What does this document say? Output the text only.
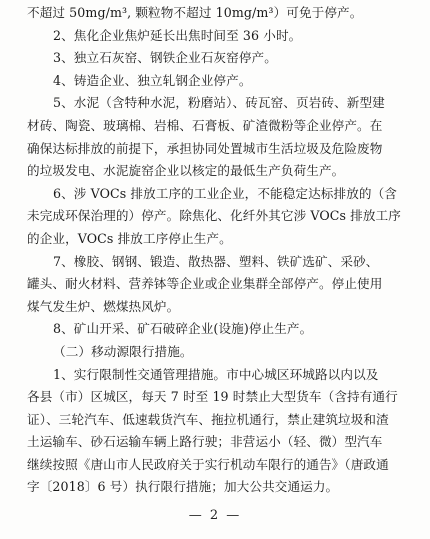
不超过 50mg/m³, 颗粒物不超过 10mg/m³）可免于停产。
2、焦化企业焦炉延长出焦时间至 36 小时。
3、独立石灰窑、钢铁企业石灰窑停产。
4、铸造企业、独立轧钢企业停产。
5、水泥（含特种水泥，粉磨站）、砖瓦窑、页岩砖、新型建
材砖、陶瓷、玻璃棉、岩棉、石膏板、矿渣微粉等企业停产。在
确保达标排放的前提下，承担协同处置城市生活垃圾及危险废物
的垃圾发电、水泥旋窑企业以核定的最低生产负荷生产。
6、涉 VOCs 排放工序的工业企业，不能稳定达标排放的（含
未完成环保治理的）停产。除焦化、化纤外其它涉 VOCs 排放工序
的企业，VOCs 排放工序停止生产。
7、橡胶、钢钢、锻造、散热器、塑料、铁矿选矿、采砂、
罐头、耐火材料、营养钵等企业或企业集群全部停产。停止使用
煤气发生炉、燃煤热风炉。
8、矿山开采、矿石破碎企业(设施)停止生产。
（二）移动源限行措施。
1、实行限制性交通管理措施。市中心城区环城路以内以及
各县（市）区城区，每天 7 时至 19 时禁止大型货车（含持有通行
证）、三轮汽车、低速载货汽车、拖拉机通行，禁止建筑垃圾和渣
土运输车、砂石运输车辆上路行驶；非营运小（轻、微）型汽车
继续按照《唐山市人民政府关于实行机动车限行的通告》（唐政通
字〔2018〕6 号）执行限行措施；加大公共交通运力。
— 2 —
